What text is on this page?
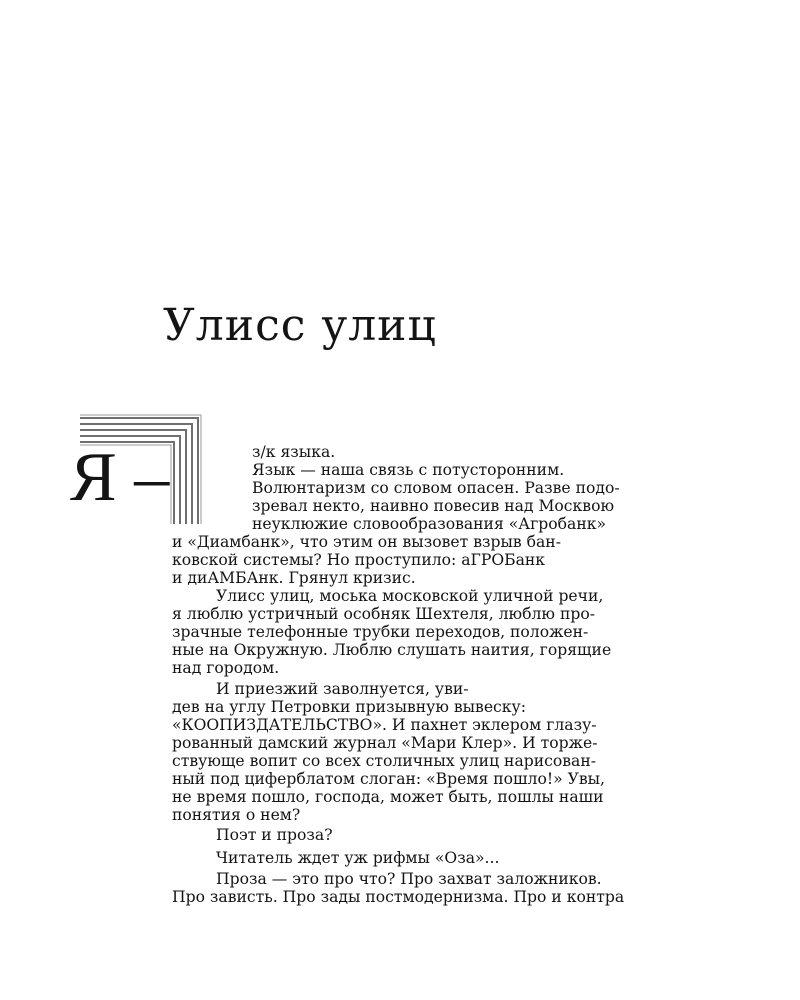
Улисс улиц
Я –	з/к языка.
Язык — наша связь с потусторонним.
Волюнтаризм со словом опасен. Разве подо-
зревал некто, наивно повесив над Москвою
неуклюжие словообразования «Агробанк»
и «Диамбанк», что этим он вызовет взрыв бан-
ковской системы? Но проступило: аГРОБанк
и диАМБАнк. Грянул кризис.
Улисс улиц, моська московской уличной речи,
я люблю устричный особняк Шехтеля, люблю про-
зрачные телефонные трубки переходов, положен-
ные на Окружную. Люблю слушать наития, горящие
над городом.
И приезжий заволнуется, уви-
дев на углу Петровки призывную вывеску:
«КООПИЗДАТЕЛЬСТВО». И пахнет эклером глазу-
рованный дамский журнал «Мари Клер». И торже-
ствующе вопит со всех столичных улиц нарисован-
ный под циферблатом слоган: «Время пошло!» Увы,
не время пошло, господа, может быть, пошлы наши
понятия о нем?
Поэт и проза?
Читатель ждет уж рифмы «Оза»...
Проза — это про что? Про захват заложников.
Про зависть. Про зады постмодернизма. Про и контра
